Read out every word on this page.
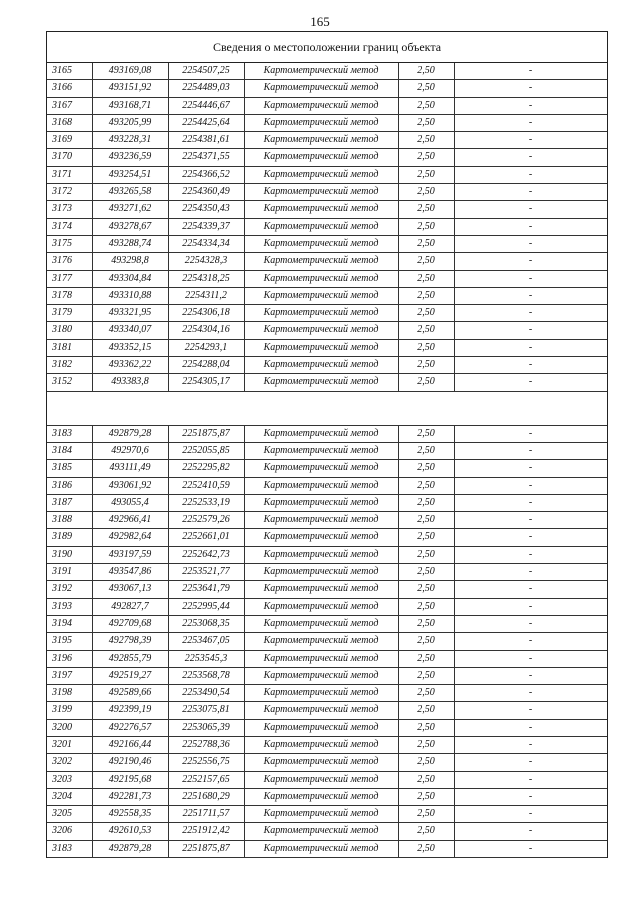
165
Сведения о местоположении границ объекта
3165	493169,08	2254507,25	Картометрический метод	2,50	-
3166	493151,92	2254489,03	Картометрический метод	2,50	-
3167	493168,71	2254446,67	Картометрический метод	2,50	-
3168	493205,99	2254425,64	Картометрический метод	2,50	-
3169	493228,31	2254381,61	Картометрический метод	2,50	-
3170	493236,59	2254371,55	Картометрический метод	2,50	-
3171	493254,51	2254366,52	Картометрический метод	2,50	-
3172	493265,58	2254360,49	Картометрический метод	2,50	-
3173	493271,62	2254350,43	Картометрический метод	2,50	-
3174	493278,67	2254339,37	Картометрический метод	2,50	-
3175	493288,74	2254334,34	Картометрический метод	2,50	-
3176	493298,8	2254328,3	Картометрический метод	2,50	-
3177	493304,84	2254318,25	Картометрический метод	2,50	-
3178	493310,88	2254311,2	Картометрический метод	2,50	-
3179	493321,95	2254306,18	Картометрический метод	2,50	-
3180	493340,07	2254304,16	Картометрический метод	2,50	-
3181	493352,15	2254293,1	Картометрический метод	2,50	-
3182	493362,22	2254288,04	Картометрический метод	2,50	-
3152	493383,8	2254305,17	Картометрический метод	2,50	-
3183	492879,28	2251875,87	Картометрический метод	2,50	-
3184	492970,6	2252055,85	Картометрический метод	2,50	-
3185	493111,49	2252295,82	Картометрический метод	2,50	-
3186	493061,92	2252410,59	Картометрический метод	2,50	-
3187	493055,4	2252533,19	Картометрический метод	2,50	-
3188	492966,41	2252579,26	Картометрический метод	2,50	-
3189	492982,64	2252661,01	Картометрический метод	2,50	-
3190	493197,59	2252642,73	Картометрический метод	2,50	-
3191	493547,86	2253521,77	Картометрический метод	2,50	-
3192	493067,13	2253641,79	Картометрический метод	2,50	-
3193	492827,7	2252995,44	Картометрический метод	2,50	-
3194	492709,68	2253068,35	Картометрический метод	2,50	-
3195	492798,39	2253467,05	Картометрический метод	2,50	-
3196	492855,79	2253545,3	Картометрический метод	2,50	-
3197	492519,27	2253568,78	Картометрический метод	2,50	-
3198	492589,66	2253490,54	Картометрический метод	2,50	-
3199	492399,19	2253075,81	Картометрический метод	2,50	-
3200	492276,57	2253065,39	Картометрический метод	2,50	-
3201	492166,44	2252788,36	Картометрический метод	2,50	-
3202	492190,46	2252556,75	Картометрический метод	2,50	-
3203	492195,68	2252157,65	Картометрический метод	2,50	-
3204	492281,73	2251680,29	Картометрический метод	2,50	-
3205	492558,35	2251711,57	Картометрический метод	2,50	-
3206	492610,53	2251912,42	Картометрический метод	2,50	-
3183	492879,28	2251875,87	Картометрический метод	2,50	-
